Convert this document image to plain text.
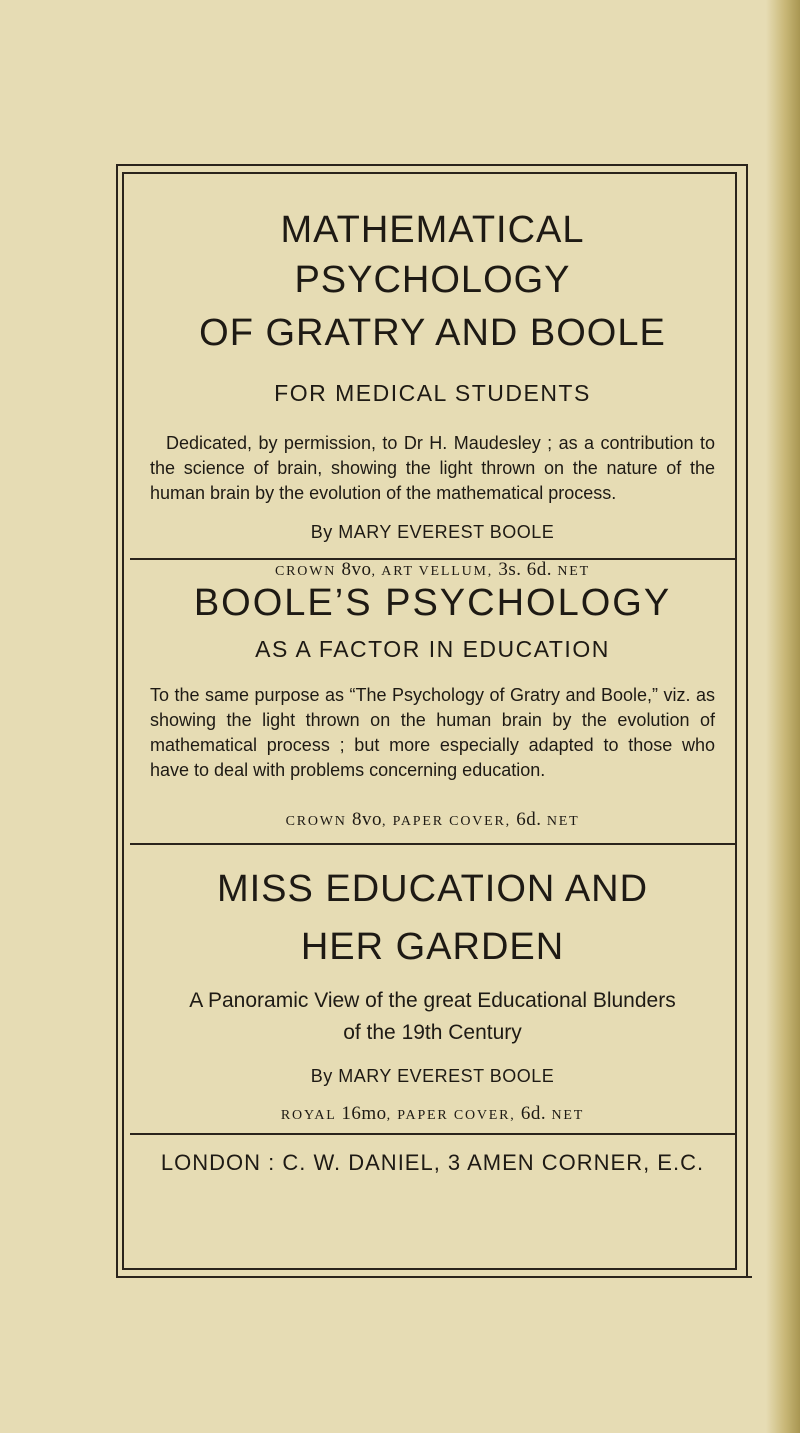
MATHEMATICAL PSYCHOLOGY
OF GRATRY AND BOOLE

FOR MEDICAL STUDENTS

Dedicated, by permission, to Dr H. Maudesley ; as a contribution to the science of brain, showing the light thrown on the nature of the human brain by the evolution of the mathematical process.

By MARY EVEREST BOOLE

CROWN 8vo, ART VELLUM, 3s. 6d. NET

BOOLE’S PSYCHOLOGY

AS A FACTOR IN EDUCATION

To the same purpose as “The Psychology of Gratry and Boole,” viz. as showing the light thrown on the human brain by the evolution of mathematical process ; but more especially adapted to those who have to deal with problems concerning education.

CROWN 8vo, PAPER COVER, 6d. NET

MISS EDUCATION AND
HER GARDEN

A Panoramic View of the great Educational Blunders

of the 19th Century

By MARY EVEREST BOOLE

ROYAL 16mo, PAPER COVER, 6d. NET

LONDON : C. W. DANIEL, 3 AMEN CORNER, E.C.
